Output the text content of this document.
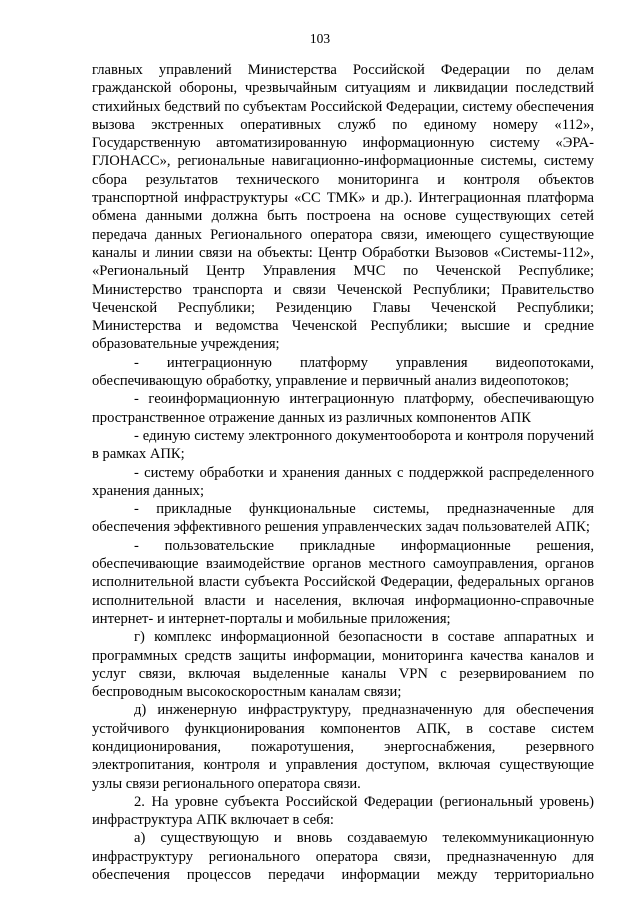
103

главных управлений Министерства Российской Федерации по делам гражданской обороны, чрезвычайным ситуациям и ликвидации последствий стихийных бедствий по субъектам Российской Федерации, систему обеспечения вызова экстренных оперативных служб по единому номеру «112», Государственную автоматизированную информационную систему «ЭРА-ГЛОНАСС», региональные навигационно-информационные системы, систему сбора результатов технического мониторинга и контроля объектов транспортной инфраструктуры «СС ТМК» и др.). Интеграционная платформа обмена данными должна быть построена на основе существующих сетей передача данных Регионального оператора связи, имеющего существующие каналы и линии связи на объекты: Центр Обработки Вызовов «Системы-112», «Региональный Центр Управления МЧС по Чеченской Республике; Министерство транспорта и связи Чеченской Республики; Правительство Чеченской Республики; Резиденцию Главы Чеченской Республики; Министерства и ведомства Чеченской Республики; высшие и средние образовательные учреждения;

- интеграционную платформу управления видеопотоками, обеспечивающую обработку, управление и первичный анализ видеопотоков;

- геоинформационную интеграционную платформу, обеспечивающую пространственное отражение данных из различных компонентов АПК

- единую систему электронного документооборота и контроля поручений в рамках АПК;

- систему обработки и хранения данных с поддержкой распределенного хранения данных;

- прикладные функциональные системы, предназначенные для обеспечения эффективного решения управленческих задач пользователей АПК;

- пользовательские прикладные информационные решения, обеспечивающие взаимодействие органов местного самоуправления, органов исполнительной власти субъекта Российской Федерации, федеральных органов исполнительной власти и населения, включая информационно-справочные интернет- и интернет-порталы и мобильные приложения;

г) комплекс информационной безопасности в составе аппаратных и программных средств защиты информации, мониторинга качества каналов и услуг связи, включая выделенные каналы VPN с резервированием по беспроводным высокоскоростным каналам связи;

д) инженерную инфраструктуру, предназначенную для обеспечения устойчивого функционирования компонентов АПК, в составе систем кондиционирования, пожаротушения, энергоснабжения, резервного электропитания, контроля и управления доступом, включая существующие узлы связи регионального оператора связи.

2. На уровне субъекта Российской Федерации (региональный уровень) инфраструктура АПК включает в себя:

а) существующую и вновь создаваемую телекоммуникационную инфраструктуру регионального оператора связи, предназначенную для обеспечения процессов передачи информации между территориально
